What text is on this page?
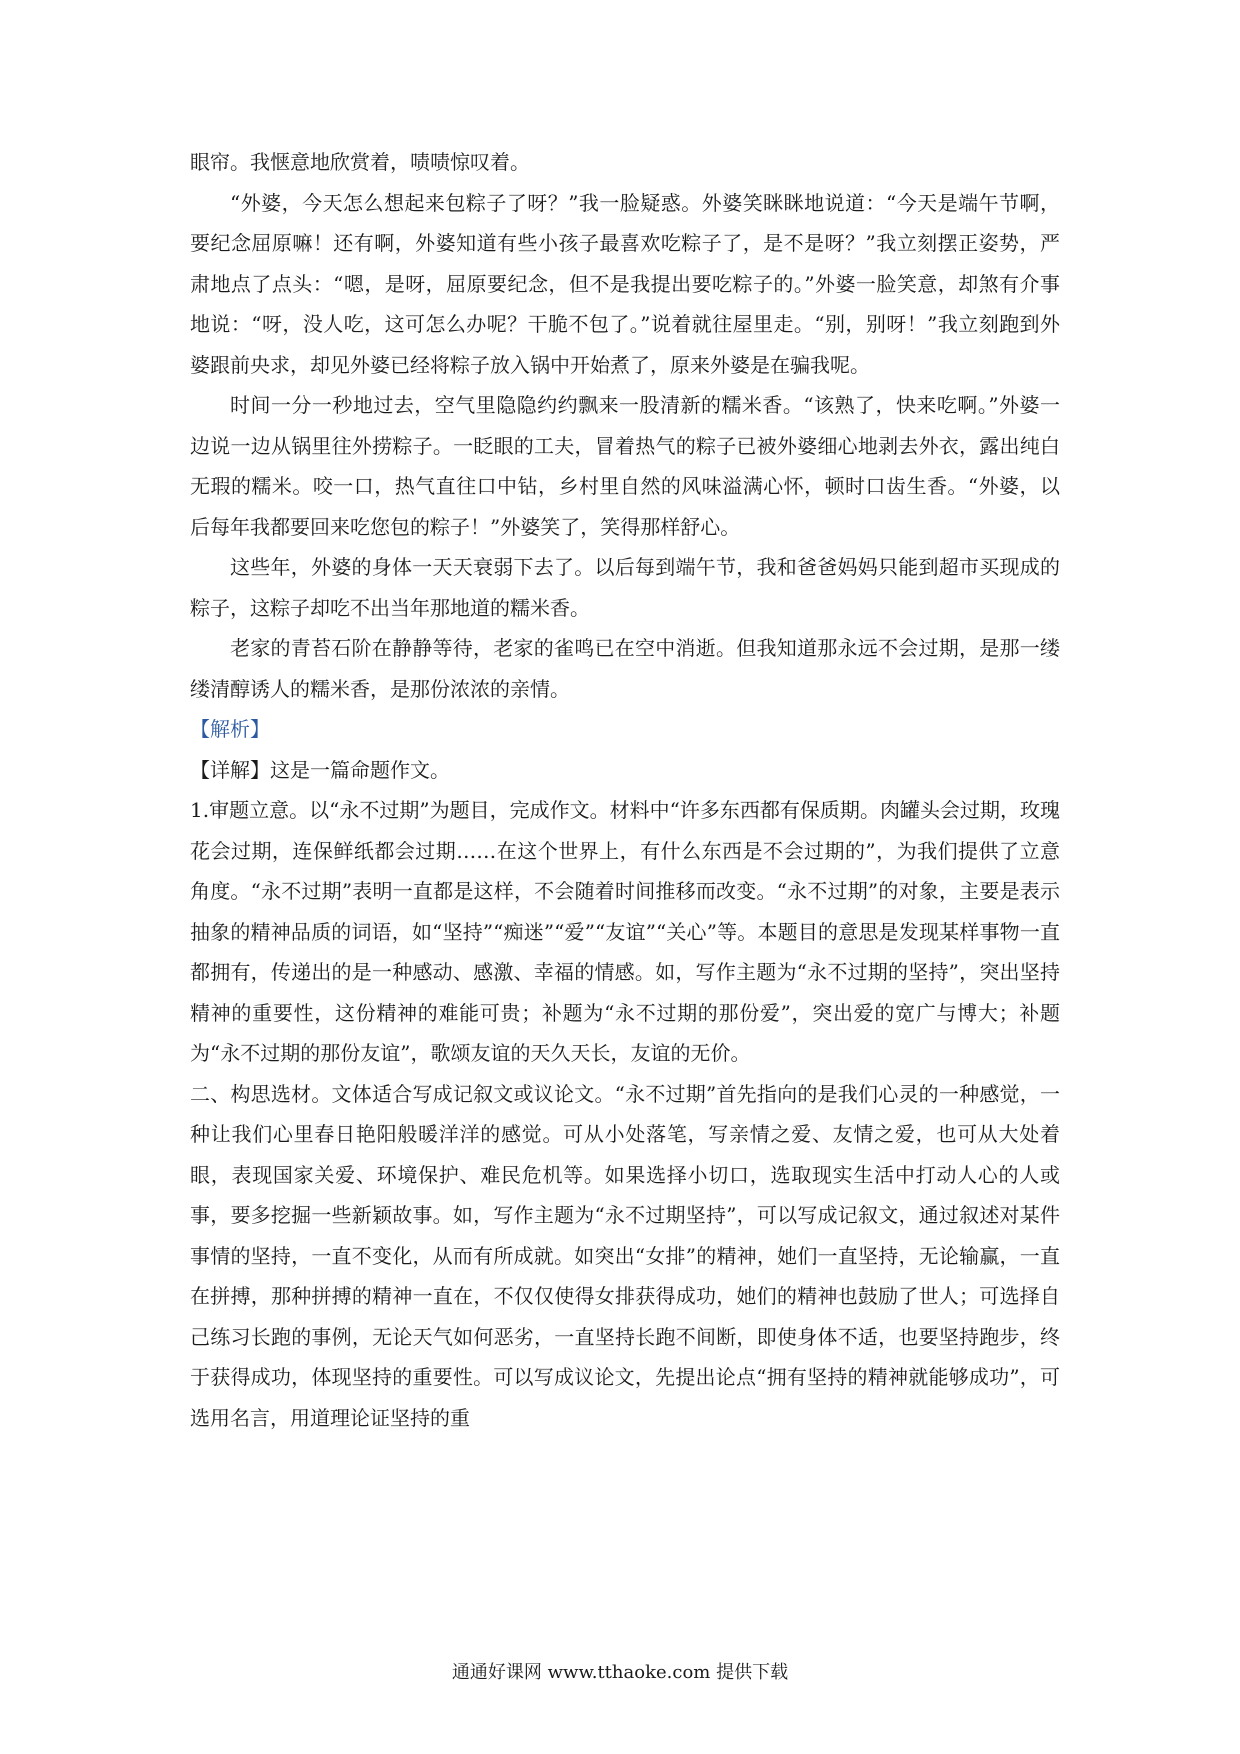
眼帘。我惬意地欣赏着，啧啧惊叹着。

“外婆，今天怎么想起来包粽子了呀？”我一脸疑惑。外婆笑眯眯地说道：“今天是端午节啊，要纪念屈原嘛！还有啊，外婆知道有些小孩子最喜欢吃粽子了，是不是呀？”我立刻摆正姿势，严肃地点了点头：“嗯，是呀，屈原要纪念，但不是我提出要吃粽子的。”外婆一脸笑意，却煞有介事地说：“呀，没人吃，这可怎么办呢？干脆不包了。”说着就往屋里走。“别，别呀！”我立刻跑到外婆跟前央求，却见外婆已经将粽子放入锅中开始煮了，原来外婆是在骗我呢。

时间一分一秒地过去，空气里隐隐约约飘来一股清新的糯米香。“该熟了，快来吃啊。”外婆一边说一边从锅里往外捞粽子。一眨眼的工夫，冒着热气的粽子已被外婆细心地剥去外衣，露出纯白无瑕的糯米。咬一口，热气直往口中钻，乡村里自然的风味溢满心怀，顿时口齿生香。“外婆，以后每年我都要回来吃您包的粽子！”外婆笑了，笑得那样舒心。

这些年，外婆的身体一天天衰弱下去了。以后每到端午节，我和爸爸妈妈只能到超市买现成的粽子，这粽子却吃不出当年那地道的糯米香。

老家的青苔石阶在静静等待，老家的雀鸣已在空中消逝。但我知道那永远不会过期，是那一缕缕清醇诱人的糯米香，是那份浓浓的亲情。

【解析】

【详解】这是一篇命题作文。

1.审题立意。以“永不过期”为题目，完成作文。材料中“许多东西都有保质期。肉罐头会过期，玫瑰花会过期，连保鲜纸都会过期……在这个世界上，有什么东西是不会过期的”，为我们提供了立意角度。“永不过期”表明一直都是这样，不会随着时间推移而改变。“永不过期”的对象，主要是表示抽象的精神品质的词语，如“坚持”“痴迷”“爱”“友谊”“关心”等。本题目的意思是发现某样事物一直都拥有，传递出的是一种感动、感激、幸福的情感。如，写作主题为“永不过期的坚持”，突出坚持精神的重要性，这份精神的难能可贵；补题为“永不过期的那份爱”，突出爱的宽广与博大；补题为“永不过期的那份友谊”，歌颂友谊的天久天长，友谊的无价。

二、构思选材。文体适合写成记叙文或议论文。“永不过期”首先指向的是我们心灵的一种感觉，一种让我们心里春日艳阳般暖洋洋的感觉。可从小处落笔，写亲情之爱、友情之爱，也可从大处着眼，表现国家关爱、环境保护、难民危机等。如果选择小切口，选取现实生活中打动人心的人或事，要多挖掘一些新颖故事。如，写作主题为“永不过期坚持”，可以写成记叙文，通过叙述对某件事情的坚持，一直不变化，从而有所成就。如突出“女排”的精神，她们一直坚持，无论输赢，一直在拼搏，那种拼搏的精神一直在，不仅仅使得女排获得成功，她们的精神也鼓励了世人；可选择自己练习长跑的事例，无论天气如何恶劣，一直坚持长跑不间断，即使身体不适，也要坚持跑步，终于获得成功，体现坚持的重要性。可以写成议论文，先提出论点“拥有坚持的精神就能够成功”，可选用名言，用道理论证坚持的重

通通好课网 www.tthaoke.com 提供下载
